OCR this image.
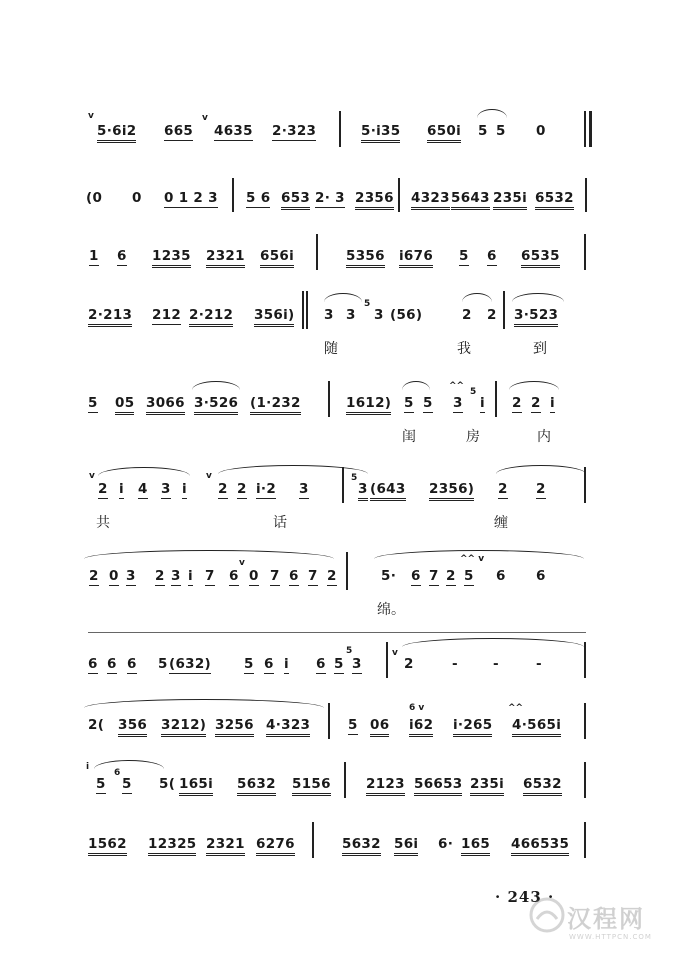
v
5·6i2 665
v
4635 2·323	5·i35 650i 5 5 0
(0 0 0 1 2 3 5 6 653 2· 3 2356 4323 5643 235i 6532
1 6 1235 2321 656i	5356 i676 5 6 6535
2·213 212 2·212 356i) 3 3
5
3 (56)	2 2 3·523
随	我	到
5 05 3066 3·526 (1·232	1612) 5 5
^^
3
5
i 2 2 i
闺	房	内
v
2 i 4 3 i
v
2 2 i·2 3
5
3 (643 2356) 2 2
共	话	缠
2 0 3 2 3 i 7 6
v
0 7 6 7 2	5· 6 7 2
^^ v
5 6 6
绵。
6 6 6 5 (632) 5 6 i 6 5
5
3
v
2	-	-	-
2( 356 3212) 3256 4·323	5 06
6 v
i62 i·265
^^
4·565i
i
5
6
5 5( 165i 5632 5156	2123 56653 235i 6532
1562 12325 2321 6276	5632 56i 6· 165 466535
· 243 ·
汉程网
WWW.HTTPCN.COM
